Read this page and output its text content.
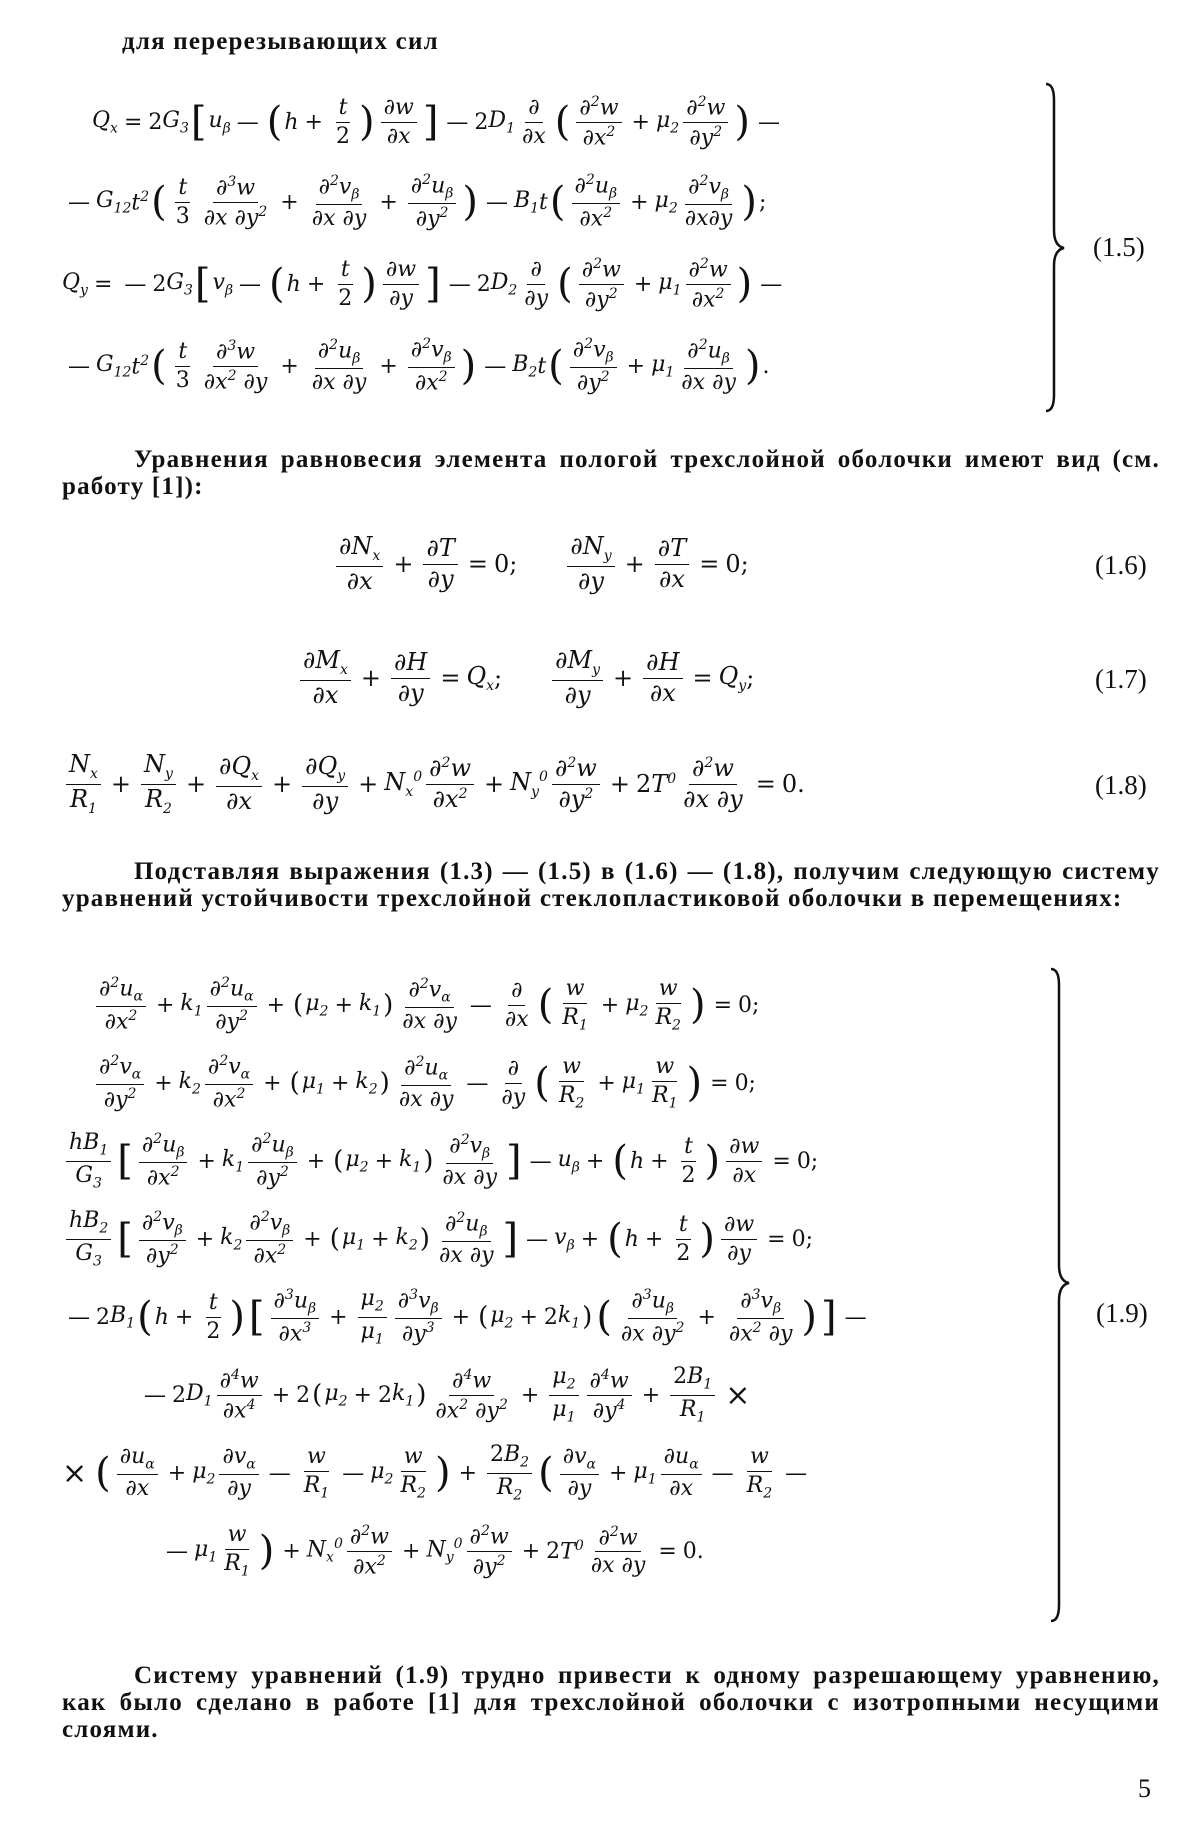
для перерезывающих сил
$Q_x = 2$ $G_3$ [ $u_\beta$ — ( $h + \frac{t}{2}$ ) $\frac{\partial w}{\partial x}$ ] — 2 $D_1 \frac{\partial}{\partial x}$ ( $\frac{\partial^2w}{\partial x^2} + \mu_2 \frac{\partial^2w}{\partial y^2}$ ) —
— $G_{12}$ $t^2$ ( $\frac{t}{3} \frac{\partial^3w}{\partial x \partial y^2} + \frac{\partial^2v_\beta}{\partial x \partial y} + \frac{\partial^2u_\beta}{\partial y^2}$ ) — $B_1$ t ( $\frac{\partial^2u_\beta}{\partial x^2} + \mu_2 \frac{\partial^2v_\beta}{\partial x\partial y}$ ) ;
$Q_y$ = — 2 $G_3$ [ $v_\beta$ — ( $h + \frac{t}{2}$ ) $\frac{\partial w}{\partial y}$ ] — 2 $D_2 \frac{\partial}{\partial y}$ ( $\frac{\partial^2w}{\partial y^2} + \mu_1 \frac{\partial^2w}{\partial x^2}$ ) —
— $G_{12}$ $t^2$ ( $\frac{t}{3} \frac{\partial^3w}{\partial x^2 \partial y} + \frac{\partial^2u_\beta}{\partial x \partial y} + \frac{\partial^2v_\beta}{\partial x^2}$ ) — $B_2$ t ( $\frac{\partial^2v_\beta}{\partial y^2} + \mu_1 \frac{\partial^2u_\beta}{\partial x \partial y}$ ) .
(1.5)
Уравнения равновесия элемента пологой трехслойной оболочки имеют вид (см. работу [1]):
$\frac{\partial N_x}{\partial x} + \frac{\partial T}{\partial y} = 0$; $\frac{\partial N_y}{\partial y} + \frac{\partial T}{\partial x} = 0$;	(1.6)
$\frac{\partial M_x}{\partial x} + \frac{\partial H}{\partial y} = Q_x$ ; $\frac{\partial M_y}{\partial y} + \frac{\partial H}{\partial x} = Q_y$ ;	(1.7)
$\frac{N_x}{R_1} + \frac{N_y}{R_2} + \frac{\partial Q_x}{\partial x} + \frac{\partial Q_y}{\partial y} + N_x^0 \frac{\partial^2w}{\partial x^2} + N_y^0 \frac{\partial^2w}{\partial y^2} + 2$ $T^0 \frac{\partial^2w}{\partial x \partial y} = 0$.	(1.8)
Подставляя выражения (1.3) — (1.5) в (1.6) — (1.8), получим следующую систему уравнений устойчивости трехслойной стеклопластиковой оболочки в перемещениях:
$\frac{\partial^2u_\alpha}{\partial x^2} + k_1 \frac{\partial^2u_\alpha}{\partial y^2}$ + ( $\mu_2 + k_1$ ) $\frac{\partial^2v_\alpha}{\partial x \partial y}$ — $\frac{\partial}{\partial x}$ ( $\frac{w}{R_1} + \mu_2 \frac{w}{R_2}$ ) = 0;
$\frac{\partial^2v_\alpha}{\partial y^2} + k_2 \frac{\partial^2v_\alpha}{\partial x^2}$ + ( $\mu_1 + k_2$ ) $\frac{\partial^2u_\alpha}{\partial x \partial y}$ — $\frac{\partial}{\partial y}$ ( $\frac{w}{R_2} + \mu_1 \frac{w}{R_1}$ ) = 0;
$\frac{hB_1}{G_3}$ [ $\frac{\partial^2u_\beta}{\partial x^2} + k_1 \frac{\partial^2u_\beta}{\partial y^2}$ + ( $\mu_2 + k_1$ ) $\frac{\partial^2v_\beta}{\partial x \partial y}$ ] — $u_\beta$ + ( $h + \frac{t}{2}$ ) $\frac{\partial w}{\partial x} = 0$;
$\frac{hB_2}{G_3}$ [ $\frac{\partial^2v_\beta}{\partial y^2} + k_2 \frac{\partial^2v_\beta}{\partial x^2}$ + ( $\mu_1 + k_2$ ) $\frac{\partial^2u_\beta}{\partial x \partial y}$ ] — $v_\beta$ + ( $h + \frac{t}{2}$ ) $\frac{\partial w}{\partial y} = 0$;
— 2 $B_1$ ( $h + \frac{t}{2}$ ) [ $\frac{\partial^3u_\beta}{\partial x^3} + \frac{\mu_2}{\mu_1} \frac{\partial^3v_\beta}{\partial y^3}$ + ( $\mu_2 + 2$ $k_1$ ) ( $\frac{\partial^3u_\beta}{\partial x \partial y^2} + \frac{\partial^3v_\beta}{\partial x^2 \partial y}$ ) ] —
— 2 $D_1 \frac{\partial^4w}{\partial x^4} + 2$ ( $\mu_2 + 2$ $k_1$ ) $\frac{\partial^4w}{\partial x^2 \partial y^2} + \frac{\mu_2}{\mu_1} \frac{\partial^4w}{\partial y^4} + \frac{2B_1}{R_1}$ ×
× ( $\frac{\partial u_\alpha}{\partial x} + \mu_2 \frac{\partial v_\alpha}{\partial y}$ — $\frac{w}{R_1}$ — $\mu_2 \frac{w}{R_2}$ ) + $\frac{2B_2}{R_2}$ ( $\frac{\partial v_\alpha}{\partial y} + \mu_1 \frac{\partial u_\alpha}{\partial x}$ — $\frac{w}{R_2}$ —
— $\mu_1 \frac{w}{R_1}$ ) + $N_x^0 \frac{\partial^2w}{\partial x^2} + N_y^0 \frac{\partial^2w}{\partial y^2} + 2$ $T^0 \frac{\partial^2w}{\partial x \partial y} = 0$.
(1.9)
Систему уравнений (1.9) трудно привести к одному разрешающему уравнению, как было сделано в работе [1] для трехслойной оболочки с изотропными несущими слоями.
5
